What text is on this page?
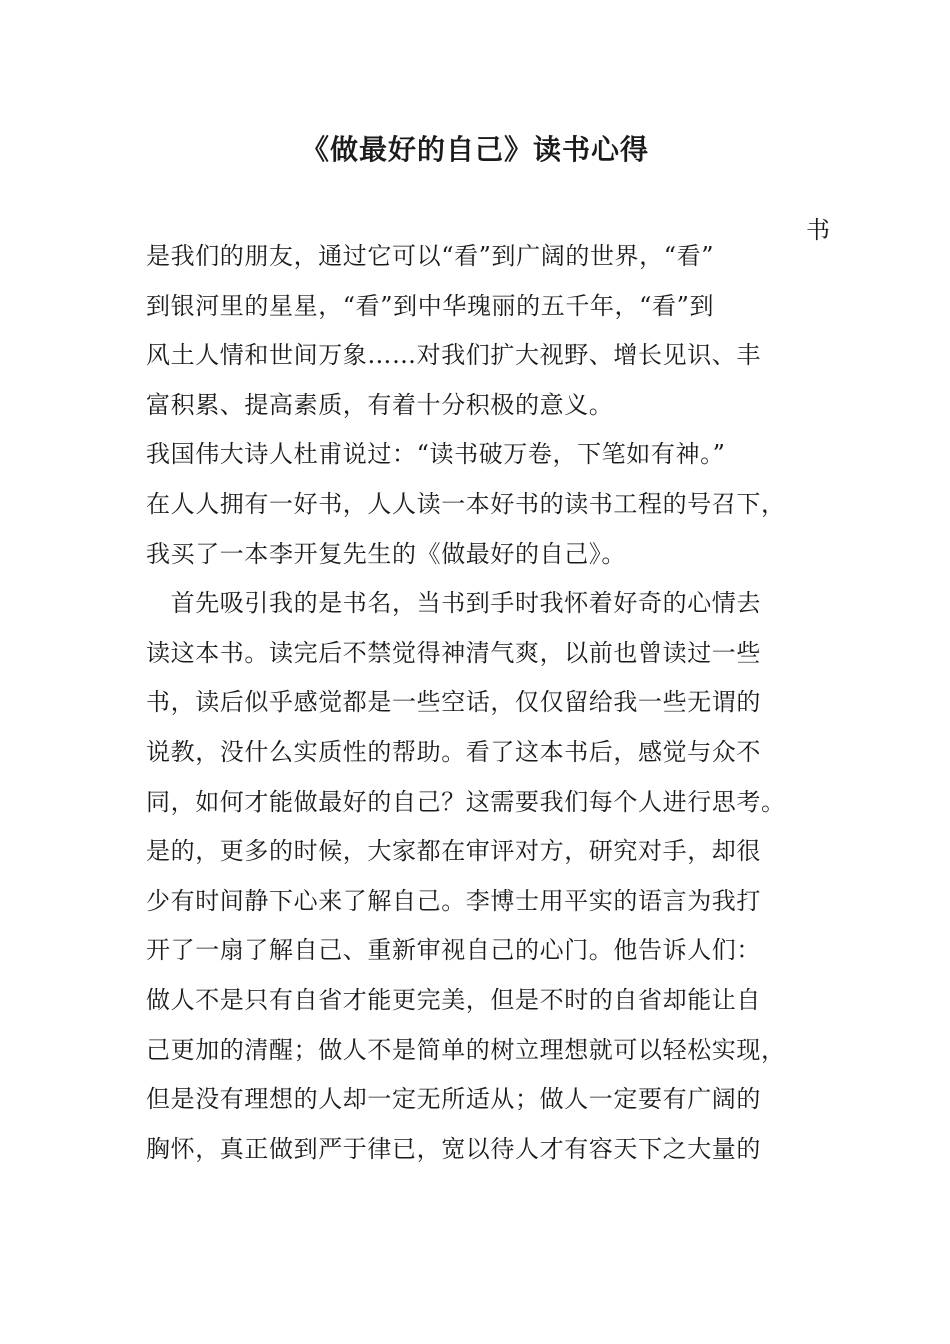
《做最好的自己》读书心得
书
是我们的朋友，通过它可以“看”到广阔的世界，“看”
到银河里的星星，“看”到中华瑰丽的五千年，“看”到
风土人情和世间万象……对我们扩大视野、增长见识、丰
富积累、提高素质，有着十分积极的意义。
我国伟大诗人杜甫说过：“读书破万卷，下笔如有神。”
在人人拥有一好书，人人读一本好书的读书工程的号召下，
我买了一本李开复先生的《做最好的自己》。
　首先吸引我的是书名，当书到手时我怀着好奇的心情去
读这本书。读完后不禁觉得神清气爽，以前也曾读过一些
书，读后似乎感觉都是一些空话，仅仅留给我一些无谓的
说教，没什么实质性的帮助。看了这本书后，感觉与众不
同，如何才能做最好的自己？这需要我们每个人进行思考。
是的，更多的时候，大家都在审评对方，研究对手，却很
少有时间静下心来了解自己。李博士用平实的语言为我打
开了一扇了解自己、重新审视自己的心门。他告诉人们：
做人不是只有自省才能更完美，但是不时的自省却能让自
己更加的清醒；做人不是简单的树立理想就可以轻松实现，
但是没有理想的人却一定无所适从；做人一定要有广阔的
胸怀，真正做到严于律已，宽以待人才有容天下之大量的
